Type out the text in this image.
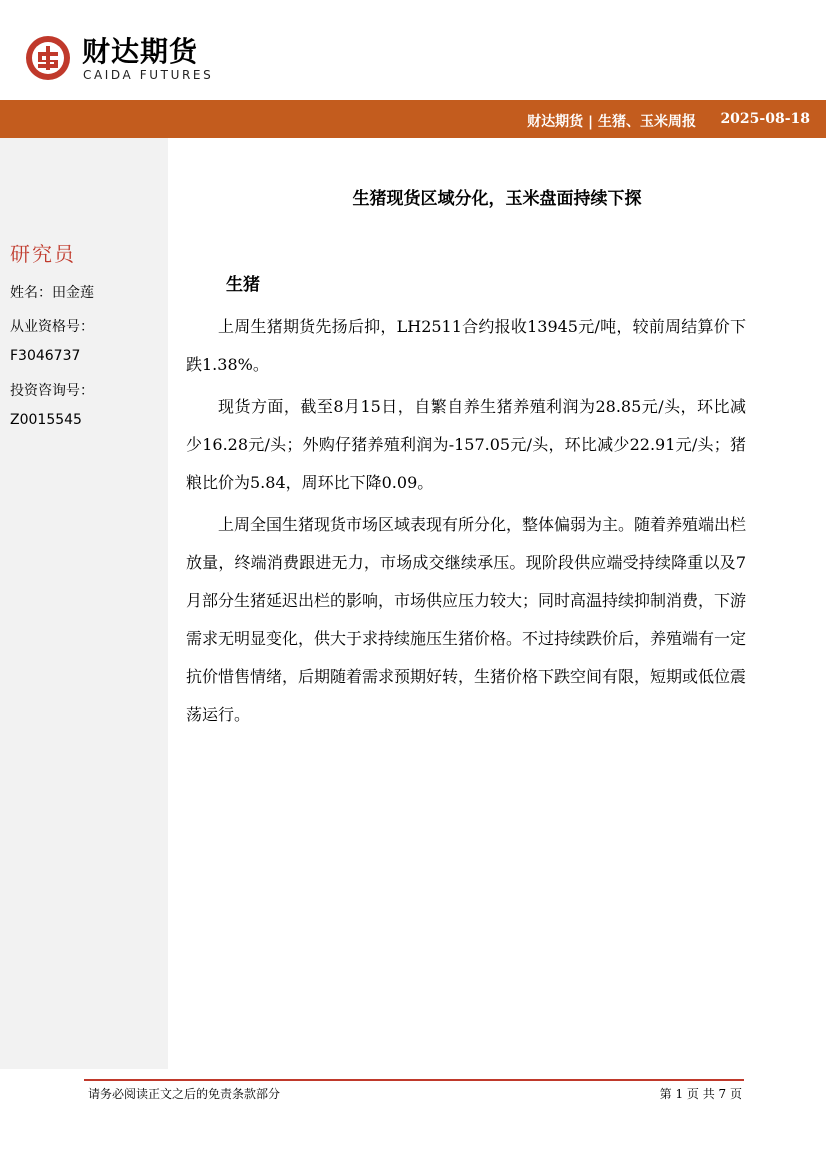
财达期货
CAIDA FUTURES
财达期货 | 生猪、玉米周报 2025-08-18
研究员
姓名：田金莲
从业资格号：
F3046737
投资咨询号：
Z0015545
生猪现货区域分化，玉米盘面持续下探
生猪

上周生猪期货先扬后抑，LH2511合约报收13945元/吨，较前周结算价下跌1.38%。

现货方面，截至8月15日，自繁自养生猪养殖利润为28.85元/头，环比减少16.28元/头；外购仔猪养殖利润为-157.05元/头，环比减少22.91元/头；猪粮比价为5.84，周环比下降0.09。

上周全国生猪现货市场区域表现有所分化，整体偏弱为主。随着养殖端出栏放量，终端消费跟进无力，市场成交继续承压。现阶段供应端受持续降重以及7月部分生猪延迟出栏的影响，市场供应压力较大；同时高温持续抑制消费，下游需求无明显变化，供大于求持续施压生猪价格。不过持续跌价后，养殖端有一定抗价惜售情绪，后期随着需求预期好转，生猪价格下跌空间有限，短期或低位震荡运行。

请务必阅读正文之后的免责条款部分	第 1 页 共 7 页
